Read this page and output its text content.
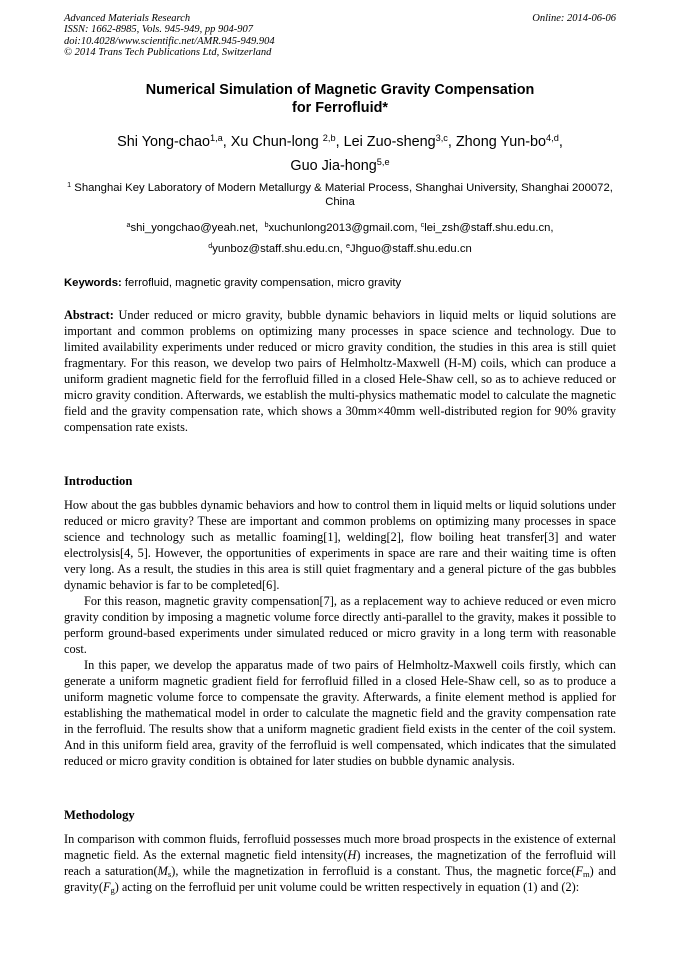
Advanced Materials Research
ISSN: 1662-8985, Vols. 945-949, pp 904-907
doi:10.4028/www.scientific.net/AMR.945-949.904
© 2014 Trans Tech Publications Ltd, Switzerland
Online: 2014-06-06
Numerical Simulation of Magnetic Gravity Compensation
for Ferrofluid*
Shi Yong-chao$^{1,a}$, Xu Chun-long $^{2,b}$, Lei Zuo-sheng$^{3,c}$, Zhong Yun-bo$^{4,d}$,
Guo Jia-hong$^{5,e}$
$^1$ Shanghai Key Laboratory of Modern Metallurgy & Material Process, Shanghai University, Shanghai 200072, China
$^a$shi_yongchao@yeah.net, $^b$xuchunlong2013@gmail.com, $^c$lei_zsh@staff.shu.edu.cn,
$^d$yunboz@staff.shu.edu.cn, $^e$Jhguo@staff.shu.edu.cn
Keywords: ferrofluid, magnetic gravity compensation, micro gravity

Abstract: Under reduced or micro gravity, bubble dynamic behaviors in liquid melts or liquid solutions are important and common problems on optimizing many processes in space science and technology. Due to limited availability experiments under reduced or micro gravity condition, the studies in this area is still quiet fragmentary. For this reason, we develop two pairs of Helmholtz-Maxwell (H-M) coils, which can produce a uniform gradient magnetic field for the ferrofluid filled in a closed Hele-Shaw cell, so as to achieve reduced or micro gravity condition. Afterwards, we establish the multi-physics mathematic model to calculate the magnetic field and the gravity compensation rate, which shows a 30mm×40mm well-distributed region for 90% gravity compensation rate exists.

Introduction

How about the gas bubbles dynamic behaviors and how to control them in liquid melts or liquid solutions under reduced or micro gravity? These are important and common problems on optimizing many processes in space science and technology such as metallic foaming[1], welding[2], flow boiling heat transfer[3] and water electrolysis[4, 5]. However, the opportunities of experiments in space are rare and their waiting time is often very long. As a result, the studies in this area is still quiet fragmentary and a general picture of the gas bubbles dynamic behavior is far to be completed[6].

For this reason, magnetic gravity compensation[7], as a replacement way to achieve reduced or even micro gravity condition by imposing a magnetic volume force directly anti-parallel to the gravity, makes it possible to perform ground-based experiments under simulated reduced or micro gravity in a long term with reasonable cost.

In this paper, we develop the apparatus made of two pairs of Helmholtz-Maxwell coils firstly, which can generate a uniform magnetic gradient field for ferrofluid filled in a closed Hele-Shaw cell, so as to produce a uniform magnetic volume force to compensate the gravity. Afterwards, a finite element method is applied for establishing the mathematical model in order to calculate the magnetic field and the gravity compensation rate in the ferrofluid. The results show that a uniform magnetic gradient field exists in the center of the coil system. And in this uniform field area, gravity of the ferrofluid is well compensated, which indicates that the simulated reduced or micro gravity condition is obtained for later studies on bubble dynamic analysis.

Methodology

In comparison with common fluids, ferrofluid possesses much more broad prospects in the existence of external magnetic field. As the external magnetic field intensity(H) increases, the magnetization of the ferrofluid will reach a $saturation(M_s)$, while the magnetization in ferrofluid is a constant. Thus, the magnetic $force(F_m)$ and $gravity(F_g)$ acting on the ferrofluid per unit volume could be written respectively in equation (1) and (2):
